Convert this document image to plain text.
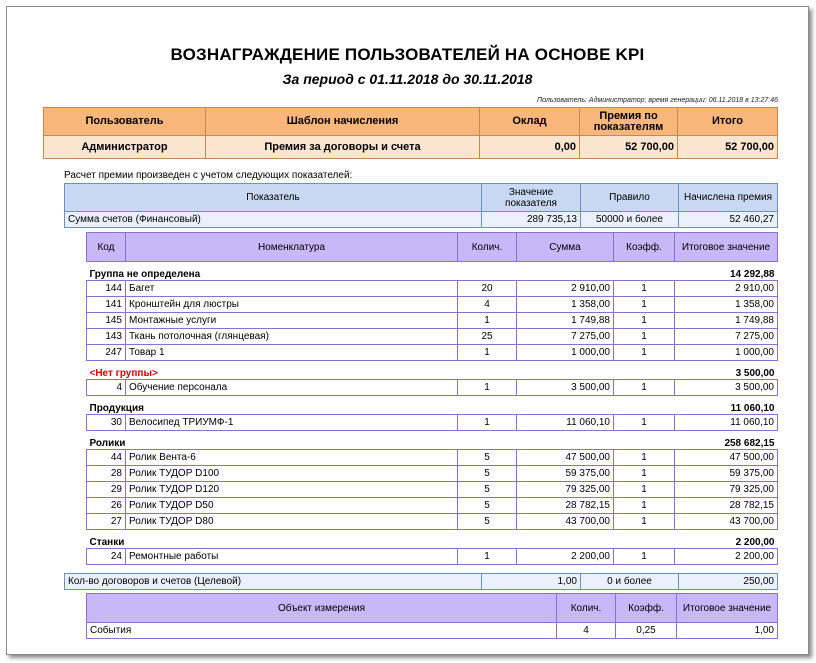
ВОЗНАГРАЖДЕНИЕ ПОЛЬЗОВАТЕЛЕЙ НА ОСНОВЕ KPI
За период с 01.11.2018 до 30.11.2018
Пользователь: Администратор; время генерации: 06.11.2018 в 13:27:46
Пользователь	Шаблон начисления	Оклад	Премия по показателям	Итого
Администратор	Премия за договоры и счета	0,00	52 700,00	52 700,00
Расчет премии произведен с учетом следующих показателей:
Показатель	Значение показателя	Правило	Начислена премия
Сумма счетов (Финансовый)	289 735,13	50000 и более	52 460,27
Код	Номенклатура	Колич.	Сумма	Коэфф.	Итоговое значение
Группа не определена					14 292,88
144	Багет	20	2 910,00	1	2 910,00
141	Кронштейн для люстры	4	1 358,00	1	1 358,00
145	Монтажные услуги	1	1 749,88	1	1 749,88
143	Ткань потолочная (глянцевая)	25	7 275,00	1	7 275,00
247	Товар 1	1	1 000,00	1	1 000,00
<Нет группы>					3 500,00
4	Обучение персонала	1	3 500,00	1	3 500,00
Продукция					11 060,10
30	Велосипед ТРИУМФ-1	1	11 060,10	1	11 060,10
Ролики					258 682,15
44	Ролик Вента-6	5	47 500,00	1	47 500,00
28	Ролик ТУДОР D100	5	59 375,00	1	59 375,00
29	Ролик ТУДОР D120	5	79 325,00	1	79 325,00
26	Ролик ТУДОР D50	5	28 782,15	1	28 782,15
27	Ролик ТУДОР D80	5	43 700,00	1	43 700,00
Станки					2 200,00
24	Ремонтные работы	1	2 200,00	1	2 200,00
Кол-во договоров и счетов (Целевой)	1,00	0 и более	250,00
Объект измерения	Колич.	Коэфф.	Итоговое значение
События	4	0,25	1,00
